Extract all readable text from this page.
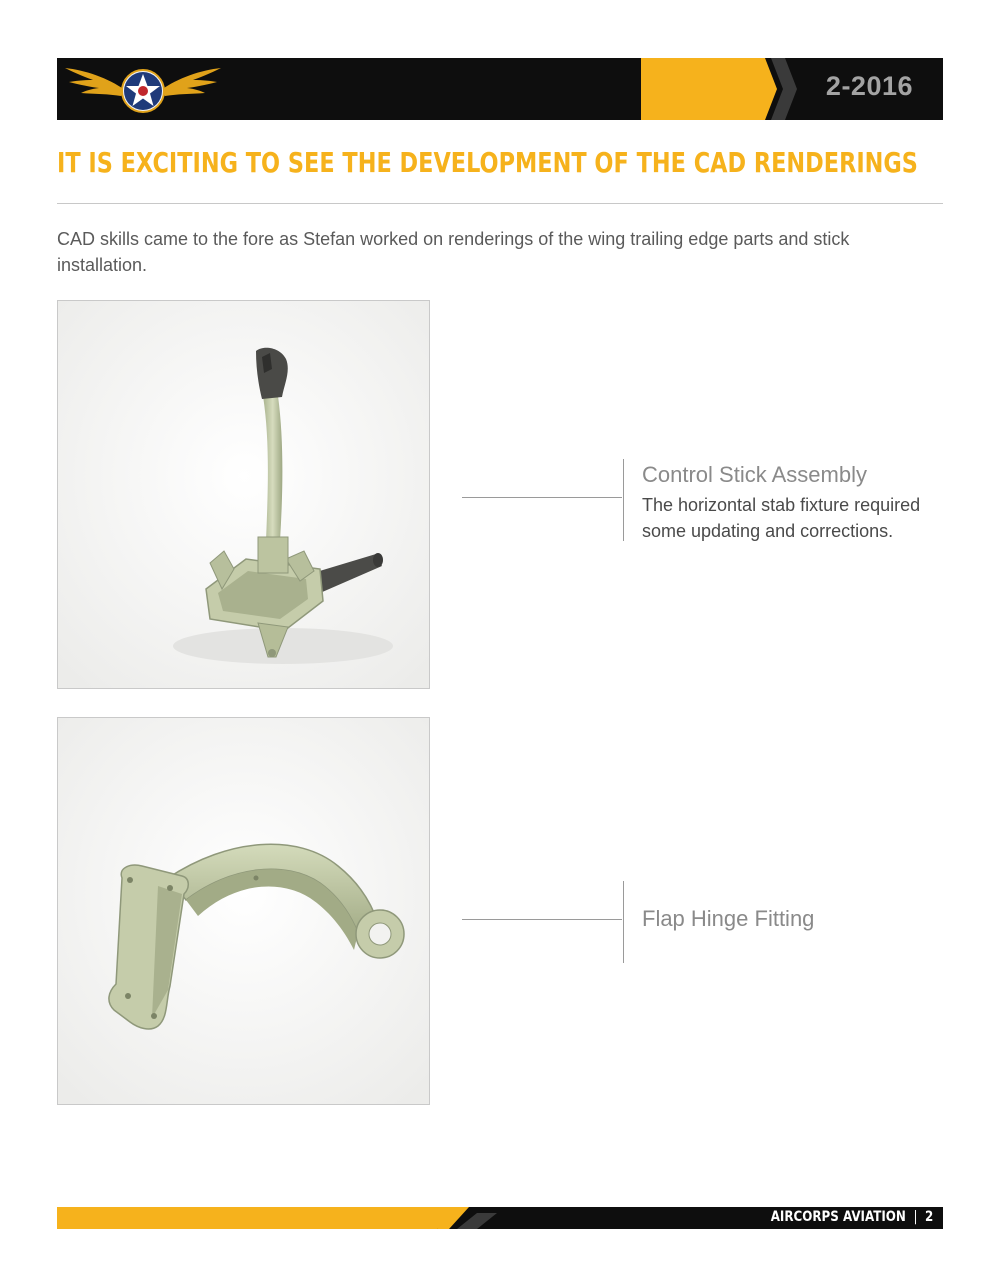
2-2016
IT IS EXCITING TO SEE THE DEVELOPMENT OF THE CAD RENDERINGS

CAD skills came to the fore as Stefan worked on renderings of the wing trailing edge parts and stick installation.

Control Stick Assembly

The horizontal stab fixture required some updating and corrections.

Flap Hinge Fitting

AIRCORPS AVIATION | 2
